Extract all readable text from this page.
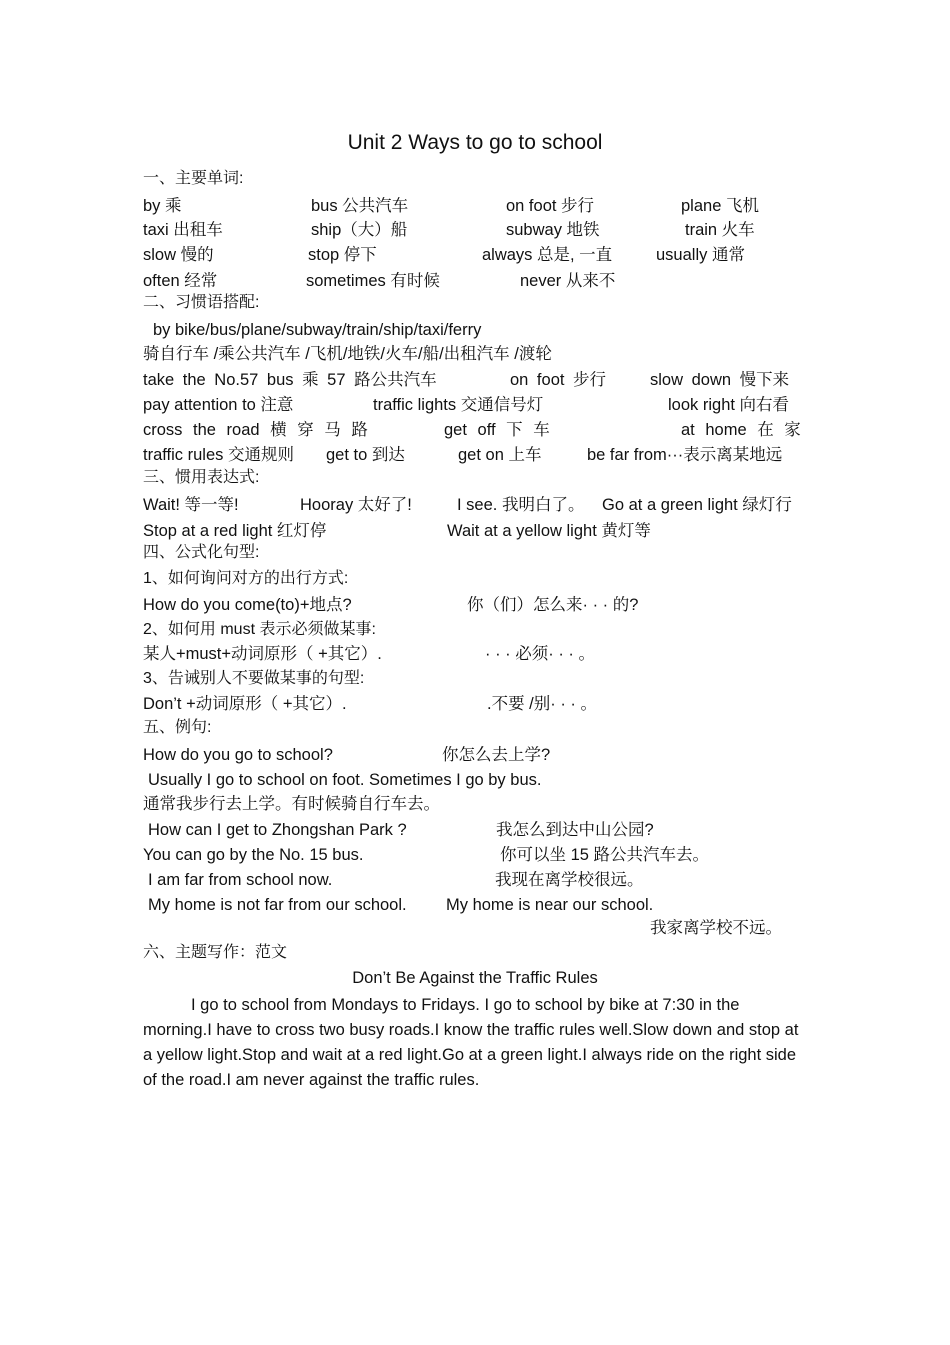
Unit 2 Ways to go to school
一、主要单词:
by 乘	bus 公共汽车	on foot 步行	plane 飞机
taxi 出租车	ship（大）船	subway 地铁	train 火车
slow 慢的	stop 停下	always 总是, 一直	usually 通常
often 经常	sometimes 有时候	never 从来不
二、习惯语搭配:
by bike/bus/plane/subway/train/ship/taxi/ferry
骑自行车 /乘公共汽车 /飞机/地铁/火车/船/出租汽车 /渡轮
take the No.57 bus 乘 57 路公共汽车	on foot 步行	slow down 慢下来
pay attention to 注意	traffic lights 交通信号灯	look right 向右看
cross the road 横 穿 马 路	get off 下 车	at home 在 家
traffic rules 交通规则 get to 到达	get on 上车	be far from···表示离某地远
三、惯用表达式:
Wait! 等一等!	Hooray 太好了!	I see. 我明白了。 Go at a green light 绿灯行
Stop at a red light 红灯停	Wait at a yellow light 黄灯等
四、公式化句型:
1、如何询问对方的出行方式:
How do you come(to)+地点?	你（们）怎么来· · · 的?
2、如何用 must 表示必须做某事:
某人+must+动词原形（ +其它）.	· · · 必须· · · 。
3、告诫别人不要做某事的句型:
Don’t +动词原形（ +其它）.	.不要 /别· · · 。
五、例句:
How do you go to school?	你怎么去上学?
Usually I go to school on foot. Sometimes I go by bus.
通常我步行去上学。有时候骑自行车去。
How can I get to Zhongshan Park ?	我怎么到达中山公园?
You can go by the No. 15 bus.	你可以坐 15 路公共汽车去。
I am far from school now.	我现在离学校很远。
My home is not far from our school. My home is near our school.
我家离学校不远。
六、主题写作：范文
Don’t Be Against the Traffic Rules
I go to school from Mondays to Fridays. I go to school by bike at 7:30 in the morning.I have to cross two busy roads.I know the traffic rules well.Slow down and stop at a yellow light.Stop and wait at a red light.Go at a green light.I always ride on the right side of the road.I am never against the traffic rules.
